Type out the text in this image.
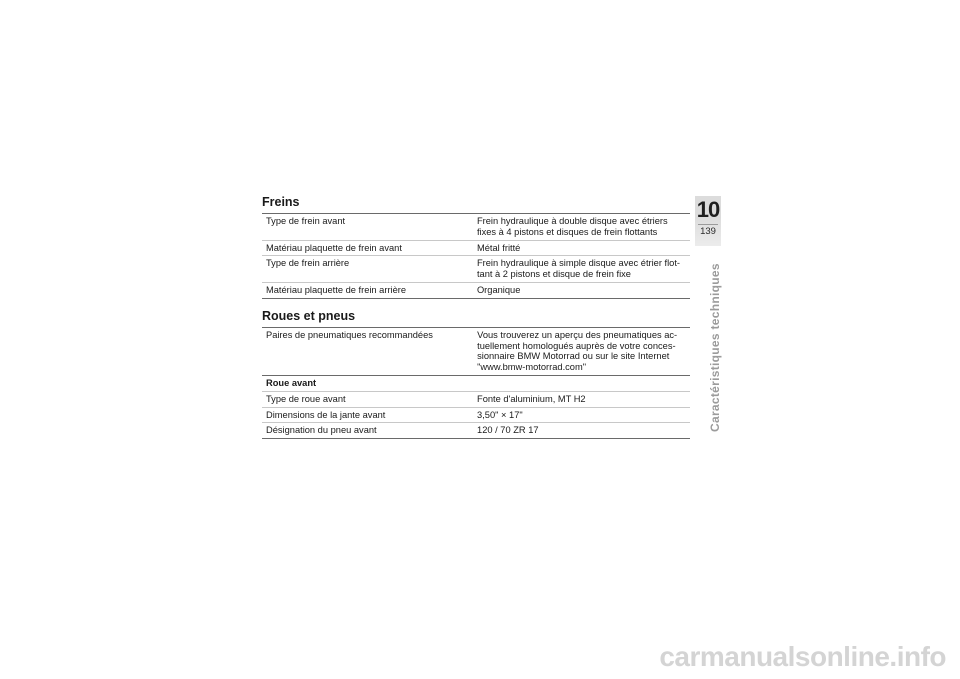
Freins
Type de frein avant	Frein hydraulique à double disque avec étriers fixes à 4 pistons et disques de frein flottants
Matériau plaquette de frein avant	Métal fritté
Type de frein arrière	Frein hydraulique à simple disque avec étrier flot-tant à 2 pistons et disque de frein fixe
Matériau plaquette de frein arrière	Organique
Roues et pneus
Paires de pneumatiques recommandées	Vous trouverez un aperçu des pneumatiques ac-tuellement homologués auprès de votre conces-sionnaire BMW Motorrad ou sur le site Internet "www.bmw-motorrad.com"
Roue avant	
Type de roue avant	Fonte d'aluminium, MT H2
Dimensions de la jante avant	3,50" × 17"
Désignation du pneu avant	120 / 70 ZR 17
10
139
Caractéristiques techniques
carmanualsonline.info
